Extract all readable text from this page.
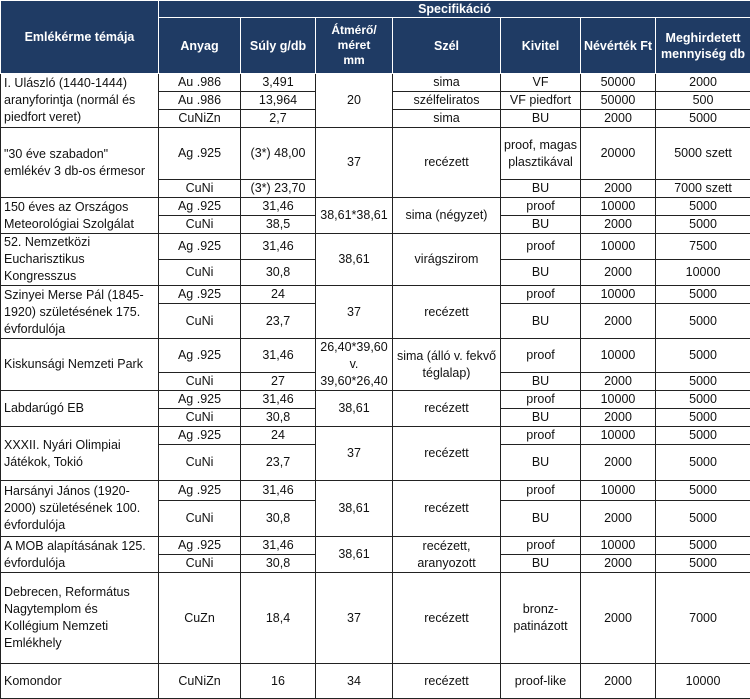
Emlékérme témája	Specifikáció						
	Anyag	Súly g/db	Átmérő/
méret
mm	Szél	Kivitel	Névérték Ft	Meghirdetett mennyiség db
I. Ulászló (1440-1444) aranyforintja (normál és piedfort veret)	Au .986	3,491	20	sima	VF	50000	2000
	Au .986	13,964		szélfeliratos	VF piedfort	50000	500
	CuNiZn	2,7		sima	BU	2000	5000
"30 éve szabadon" emlékév 3 db-os érmesor	Ag .925	(3*) 48,00	37	recézett	proof, magas plasztikával	20000	5000 szett
	CuNi	(3*) 23,70			BU	2000	7000 szett
150 éves az Országos Meteorológiai Szolgálat	Ag .925	31,46	38,61*38,61	sima (négyzet)	proof	10000	5000
	CuNi	38,5			BU	2000	5000
52. Nemzetközi Eucharisztikus Kongresszus	Ag .925	31,46	38,61	virágszirom	proof	10000	7500
	CuNi	30,8			BU	2000	10000
Szinyei Merse Pál (1845-1920) születésének 175. évfordulója	Ag .925	24	37	recézett	proof	10000	5000
	CuNi	23,7			BU	2000	5000
Kiskunsági Nemzeti Park	Ag .925	31,46	26,40*39,60 v. 39,60*26,40	sima (álló v. fekvő téglalap)	proof	10000	5000
	CuNi	27			BU	2000	5000
Labdarúgó EB	Ag .925	31,46	38,61	recézett	proof	10000	5000
	CuNi	30,8			BU	2000	5000
XXXII. Nyári Olimpiai Játékok, Tokió	Ag .925	24	37	recézett	proof	10000	5000
	CuNi	23,7			BU	2000	5000
Harsányi János (1920-2000) születésének 100. évfordulója	Ag .925	31,46	38,61	recézett	proof	10000	5000
	CuNi	30,8			BU	2000	5000
A MOB alapításának 125. évfordulója	Ag .925	31,46	38,61	recézett, aranyozott	proof	10000	5000
	CuNi	30,8			BU	2000	5000
Debrecen, Református Nagytemplom és Kollégium Nemzeti Emlékhely	CuZn	18,4	37	recézett	bronz-patinázott	2000	7000
Komondor	CuNiZn	16	34	recézett	proof-like	2000	10000
